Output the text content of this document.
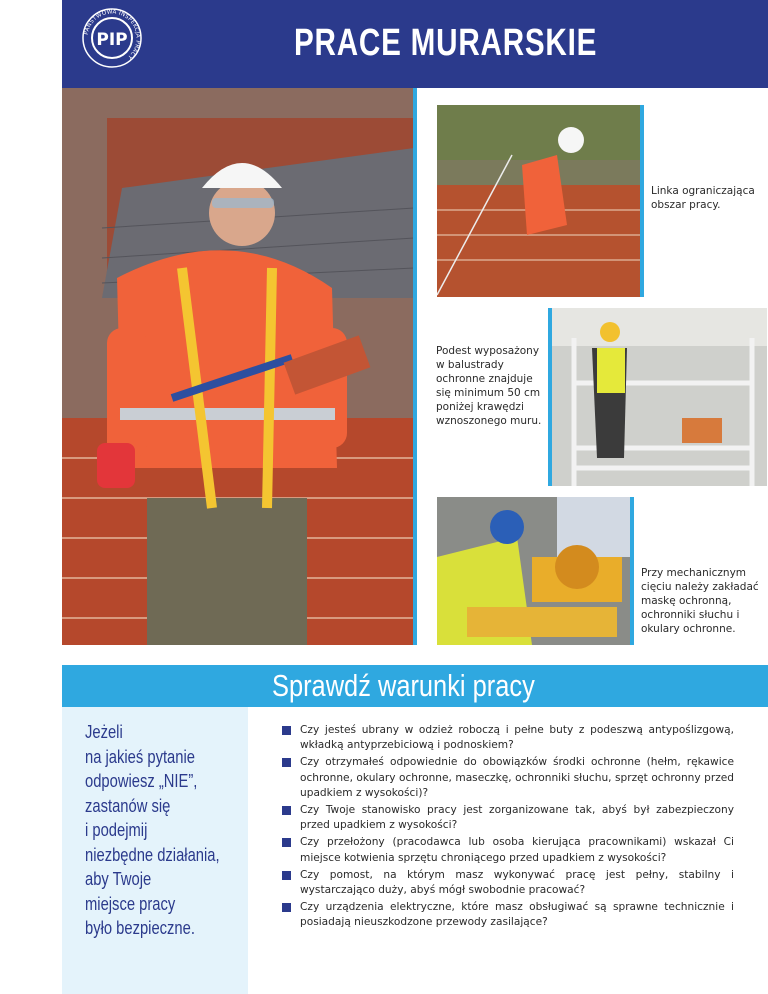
PAŃSTWOWA INSPEKCJA PRACY
PIP	PRACE MURARSKIE

Linka ograniczająca obszar pracy.

Podest wyposażony w balustrady ochronne znajduje się minimum 50 cm poniżej krawędzi wznoszonego muru.

Przy mechanicznym cięciu należy zakładać maskę ochronną, ochronniki słuchu i okulary ochronne.

Sprawdź warunki pracy

Jeżeli
na jakieś pytanie
odpowiesz „NIE”,
zastanów się
i podejmij
niezbędne działania,
aby Twoje
miejsce pracy
było bezpieczne.

Czy jesteś ubrany w odzież roboczą i pełne buty z podeszwą antypoślizgową, wkładką antyprzebiciową i podnoskiem?
Czy otrzymałeś odpowiednie do obowiązków środki ochronne (hełm, rękawice ochronne, okulary ochronne, maseczkę, ochronniki słuchu, sprzęt ochronny przed upadkiem z wysokości)?
Czy Twoje stanowisko pracy jest zorganizowane tak, abyś był zabezpieczony przed upadkiem z wysokości?
Czy przełożony (pracodawca lub osoba kierująca pracownikami) wskazał Ci miejsce kotwienia sprzętu chroniącego przed upadkiem z wysokości?
Czy pomost, na którym masz wykonywać pracę jest pełny, stabilny i wystarczająco duży, abyś mógł swobodnie pracować?
Czy urządzenia elektryczne, które masz obsługiwać są sprawne technicznie i posiadają nieuszkodzone przewody zasilające?
